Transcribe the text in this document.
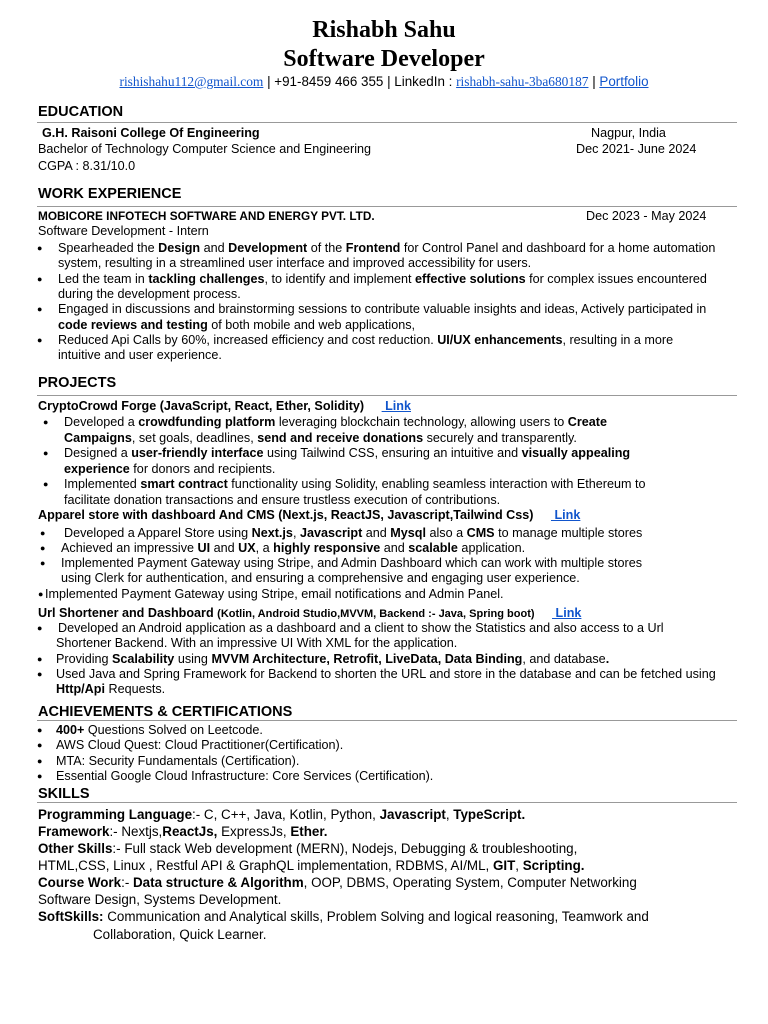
Rishabh Sahu
Software Developer
rishishahu112@gmail.com | +91-8459 466 355 | LinkedIn : rishabh-sahu-3ba680187 | Portfolio
EDUCATION
G.H. Raisoni College Of Engineering	Nagpur, India
Bachelor of Technology Computer Science and Engineering	Dec 2021- June 2024
CGPA : 8.31/10.0
WORK EXPERIENCE
MOBICORE INFOTECH SOFTWARE AND ENERGY PVT. LTD.	Dec 2023 - May 2024
Software Development - Intern
● Spearheaded the Design and Development of the Frontend for Control Panel and dashboard for a home automation
system, resulting in a streamlined user interface and improved accessibility for users.
● Led the team in tackling challenges, to identify and implement effective solutions for complex issues encountered
during the development process.
● Engaged in discussions and brainstorming sessions to contribute valuable insights and ideas, Actively participated in
code reviews and testing of both mobile and web applications,
● Reduced Api Calls by 60%, increased efficiency and cost reduction. UI/UX enhancements, resulting in a more
intuitive and user experience.
PROJECTS
CryptoCrowd Forge (JavaScript, React, Ether, Solidity)      Link
● Developed a crowdfunding platform leveraging blockchain technology, allowing users to Create
Campaigns, set goals, deadlines, send and receive donations securely and transparently.
● Designed a user-friendly interface using Tailwind CSS, ensuring an intuitive and visually appealing
experience for donors and recipients.
● Implemented smart contract functionality using Solidity, enabling seamless interaction with Ethereum to
facilitate donation transactions and ensure trustless execution of contributions.
Apparel store with dashboard And CMS (Next.js, ReactJS, Javascript,Tailwind Css)      Link
● Developed a Apparel Store using Next.js, Javascript and Mysql also a CMS to manage multiple stores
● Achieved an impressive UI and UX, a highly responsive and scalable application.
● Implemented Payment Gateway using Stripe, and Admin Dashboard which can work with multiple stores
using Clerk for authentication, and ensuring a comprehensive and engaging user experience.
● Implemented Payment Gateway using Stripe, email notifications and Admin Panel.
Url Shortener and Dashboard (Kotlin, Android Studio,MVVM, Backend :- Java, Spring boot)      Link
● Developed an Android application as a dashboard and a client to show the Statistics and also access to a Url
Shortener Backend. With an impressive UI With XML for the application.
● Providing Scalability using MVVM Architecture, Retrofit, LiveData, Data Binding, and database.
● Used Java and Spring Framework for Backend to shorten the URL and store in the database and can be fetched using
Http/Api Requests.
ACHIEVEMENTS & CERTIFICATIONS
● 400+ Questions Solved on Leetcode.
● AWS Cloud Quest: Cloud Practitioner(Certification).
● MTA: Security Fundamentals (Certification).
● Essential Google Cloud Infrastructure: Core Services (Certification).
SKILLS
Programming Language:- C, C++, Java, Kotlin, Python, Javascript, TypeScript.
Framework:- Nextjs,ReactJs, ExpressJs, Ether.
Other Skills:- Full stack Web development (MERN), Nodejs, Debugging & troubleshooting,
HTML,CSS, Linux , Restful API & GraphQL implementation, RDBMS, AI/ML, GIT, Scripting.
Course Work:- Data structure & Algorithm, OOP, DBMS, Operating System, Computer Networking
Software Design, Systems Development.
SoftSkills: Communication and Analytical skills, Problem Solving and logical reasoning, Teamwork and
Collaboration, Quick Learner.
